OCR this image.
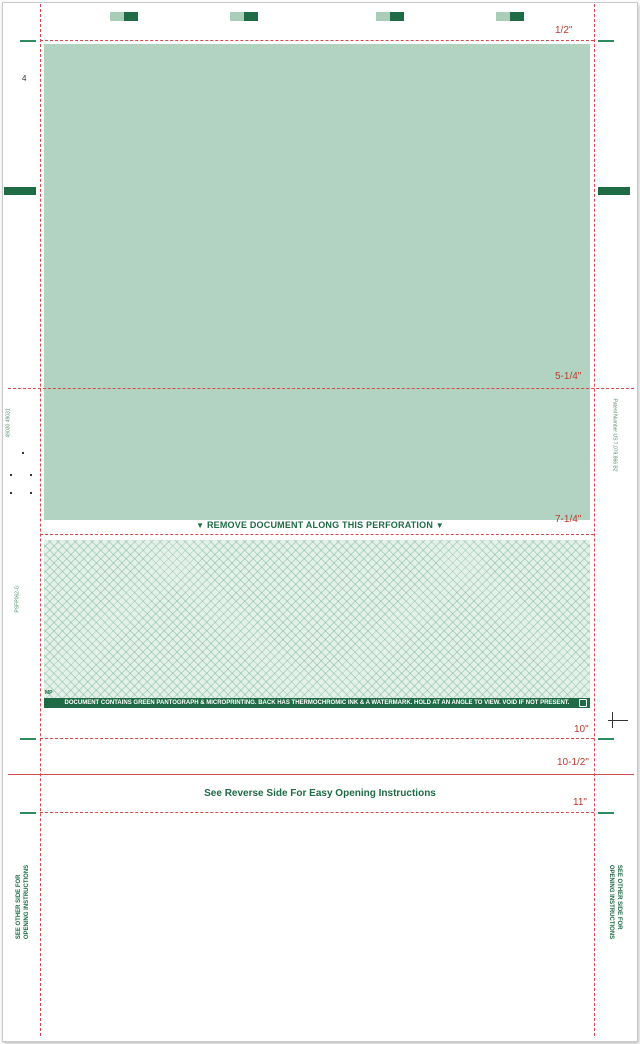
1/2"
4
5-1/4"
49030 49031	Patent Number US 7,079,866 B2
7-1/4"
▼ REMOVE DOCUMENT ALONG THIS PERFORATION ▼
PSFP062-G
MP
DOCUMENT CONTAINS GREEN PANTOGRAPH & MICROPRINTING. BACK HAS THERMOCHROMIC INK & A WATERMARK. HOLD AT AN ANGLE TO VIEW. VOID IF NOT PRESENT.
10"
10-1/2"
See Reverse Side For Easy Opening Instructions
11"
SEE OTHER SIDE FOR OPENING INSTRUCTIONS	SEE OTHER SIDE FOR
OPENING INSTRUCTIONS
